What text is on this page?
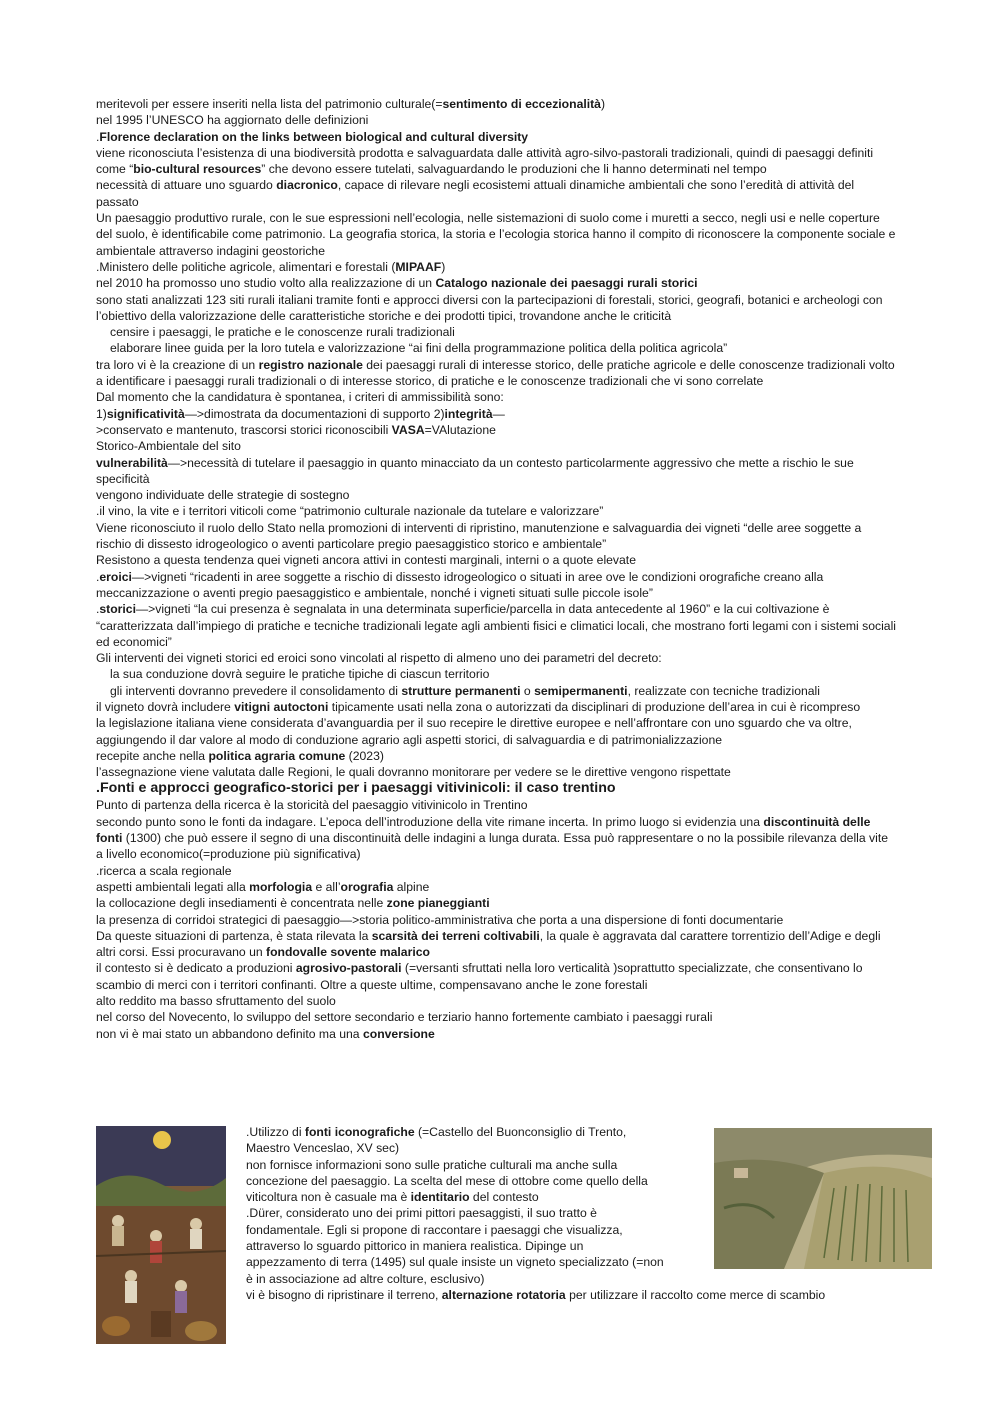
meritevoli per essere inseriti nella lista del patrimonio culturale(=sentimento di eccezionalità)

nel 1995 l’UNESCO ha aggiornato delle definizioni

.Florence declaration on the links between biological and cultural diversity

viene riconosciuta l’esistenza di una biodiversità prodotta e salvaguardata dalle attività agro-silvo-pastorali tradizionali, quindi di paesaggi definiti come “bio-cultural resources” che devono essere tutelati, salvaguardando le produzioni che li hanno determinati nel tempo

necessità di attuare uno sguardo diacronico, capace di rilevare negli ecosistemi attuali dinamiche ambientali che sono l’eredità di attività del passato

Un paesaggio produttivo rurale, con le sue espressioni nell’ecologia, nelle sistemazioni di suolo come i muretti a secco, negli usi e nelle coperture del suolo, è identificabile come patrimonio. La geografia storica, la storia e l’ecologia storica hanno il compito di riconoscere la componente sociale e ambientale attraverso indagini geostoriche

.Ministero delle politiche agricole, alimentari e forestali (MIPAAF)

nel 2010 ha promosso uno studio volto alla realizzazione di un Catalogo nazionale dei paesaggi rurali storici

sono stati analizzati 123 siti rurali italiani tramite fonti e approcci diversi con la partecipazioni di forestali, storici, geografi, botanici e archeologi con l’obiettivo della valorizzazione delle caratteristiche storiche e dei prodotti tipici, trovandone anche le criticità

censire i paesaggi, le pratiche e le conoscenze rurali tradizionali

elaborare linee guida per la loro tutela e valorizzazione “ai fini della programmazione politica della politica agricola”

tra loro vi è la creazione di un registro nazionale dei paesaggi rurali di interesse storico, delle pratiche agricole e delle conoscenze tradizionali volto a identificare i paesaggi rurali tradizionali o di interesse storico, di pratiche e le conoscenze tradizionali che vi sono correlate

Dal momento che la candidatura è spontanea, i criteri di ammissibilità sono:

1)significatività—>dimostrata da documentazioni di supporto 2)integrità—

>conservato e mantenuto, trascorsi storici riconoscibili VASA=VAlutazione

Storico-Ambientale del sito

vulnerabilità—>necessità di tutelare il paesaggio in quanto minacciato da un contesto particolarmente aggressivo che mette a rischio le sue specificità

vengono individuate delle strategie di sostegno

.il vino, la vite e i territori viticoli come “patrimonio culturale nazionale da tutelare e valorizzare”

Viene riconosciuto il ruolo dello Stato nella promozioni di interventi di ripristino, manutenzione e salvaguardia dei vigneti “delle aree soggette a rischio di dissesto idrogeologico o aventi particolare pregio paesaggistico storico e ambientale”

Resistono a questa tendenza quei vigneti ancora attivi in contesti marginali, interni o a quote elevate

.eroici—>vigneti “ricadenti in aree soggette a rischio di dissesto idrogeologico o situati in aree ove le condizioni orografiche creano alla meccanizzazione o aventi pregio paesaggistico e ambientale, nonché i vigneti situati sulle piccole isole”

.storici—>vigneti “la cui presenza è segnalata in una determinata superficie/parcella in data antecedente al 1960” e la cui coltivazione è “caratterizzata dall’impiego di pratiche e tecniche tradizionali legate agli ambienti fisici e climatici locali, che mostrano forti legami con i sistemi sociali ed economici”

Gli interventi dei vigneti storici ed eroici sono vincolati al rispetto di almeno uno dei parametri del decreto:

la sua conduzione dovrà seguire le pratiche tipiche di ciascun territorio

gli interventi dovranno prevedere il consolidamento di strutture permanenti o semipermanenti, realizzate con tecniche tradizionali

il vigneto dovrà includere vitigni autoctoni tipicamente usati nella zona o autorizzati da disciplinari di produzione dell’area in cui è ricompreso

la legislazione italiana viene considerata d’avanguardia per il suo recepire le direttive europee e nell’affrontare con uno sguardo che va oltre, aggiungendo il dar valore al modo di conduzione agrario agli aspetti storici, di salvaguardia e di patrimonializzazione

recepite anche nella politica agraria comune (2023)

l’assegnazione viene valutata dalle Regioni, le quali dovranno monitorare per vedere se le direttive vengono rispettate

.Fonti e approcci geografico-storici per i paesaggi vitivinicoli: il caso trentino

Punto di partenza della ricerca è la storicità del paesaggio vitivinicolo in Trentino

secondo punto sono le fonti da indagare. L’epoca dell’introduzione della vite rimane incerta. In primo luogo si evidenzia una discontinuità delle fonti (1300) che può essere il segno di una discontinuità delle indagini a lunga durata. Essa può rappresentare o no la possibile rilevanza della vite a livello economico(=produzione più significativa)

.ricerca a scala regionale

aspetti ambientali legati alla morfologia e all’orografia alpine

la collocazione degli insediamenti è concentrata nelle zone pianeggianti

la presenza di corridoi strategici di paesaggio—>storia politico-amministrativa che porta a una dispersione di fonti documentarie

Da queste situazioni di partenza, è stata rilevata la scarsità dei terreni coltivabili, la quale è aggravata dal carattere torrentizio dell’Adige e degli altri corsi. Essi procuravano un fondovalle sovente malarico

il contesto si è dedicato a produzioni agrosivo-pastorali (=versanti sfruttati nella loro verticalità )soprattutto specializzate, che consentivano lo scambio di merci con i territori confinanti. Oltre a queste ultime, compensavano anche le zone forestali

alto reddito ma basso sfruttamento del suolo

nel corso del Novecento, lo sviluppo del settore secondario e terziario hanno fortemente cambiato i paesaggi rurali

non vi è mai stato un abbandono definito ma una conversione

.Utilizzo di fonti iconografiche (=Castello del Buonconsiglio di Trento, Maestro Venceslao, XV sec)

non fornisce informazioni sono sulle pratiche culturali ma anche sulla concezione del paesaggio. La scelta del mese di ottobre come quello della viticoltura non è casuale ma è identitario del contesto

.Dürer, considerato uno dei primi pittori paesaggisti, il suo tratto è fondamentale. Egli si propone di raccontare i paesaggi che visualizza, attraverso lo sguardo pittorico in maniera realistica. Dipinge un appezzamento di terra (1495) sul quale insiste un vigneto specializzato (=non è in associazione ad altre colture, esclusivo)

vi è bisogno di ripristinare il terreno, alternazione rotatoria per utilizzare il raccolto come merce di scambio
